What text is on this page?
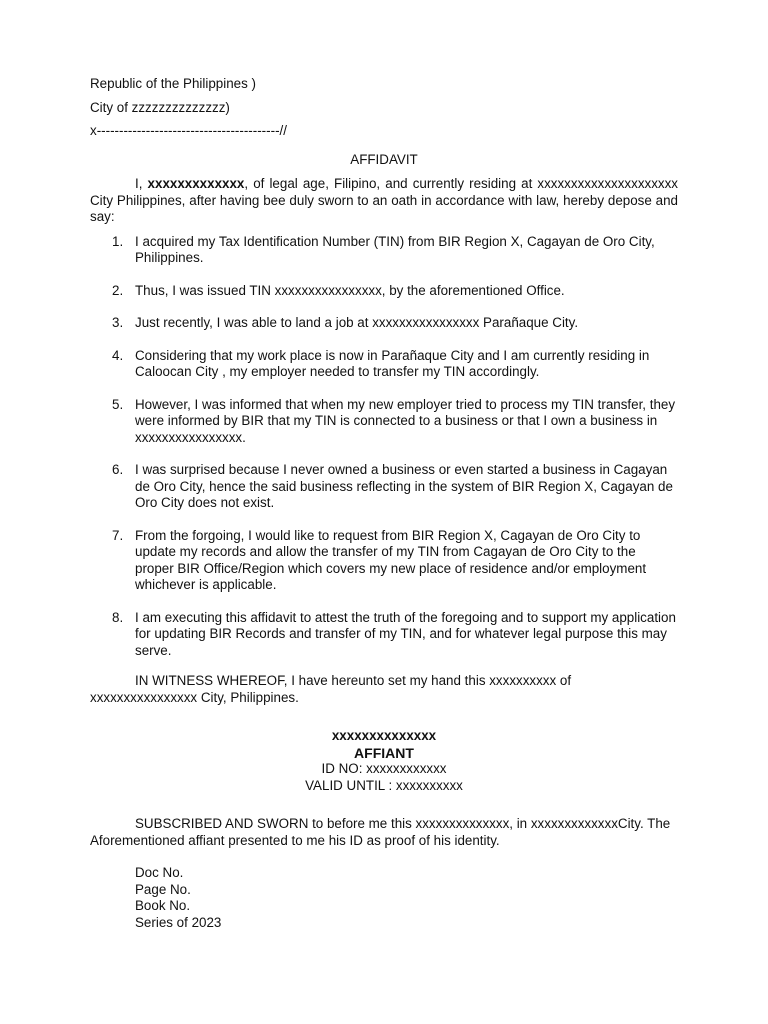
Republic of the Philippines )
City of zzzzzzzzzzzzzz)
x-----------------------------------------//
AFFIDAVIT
I, xxxxxxxxxxxxx, of legal age, Filipino, and currently residing at xxxxxxxxxxxxxxxxxxxxx City Philippines, after having bee duly sworn to an oath in accordance with law, hereby depose and say:
1. I acquired my Tax Identification Number (TIN) from BIR Region X, Cagayan de Oro City, Philippines.
2. Thus, I was issued TIN xxxxxxxxxxxxxxxx, by the aforementioned Office.
3. Just recently, I was able to land a job at xxxxxxxxxxxxxxxx Parañaque City.
4. Considering that my work place is now in Parañaque City and I am currently residing in Caloocan City , my employer needed to transfer my TIN accordingly.
5. However, I was informed that when my new employer tried to process my TIN transfer, they were informed by BIR that my TIN is connected to a business or that I own a business in xxxxxxxxxxxxxxxx.
6. I was surprised because I never owned a business or even started a business in Cagayan de Oro City, hence the said business reflecting in the system of BIR Region X, Cagayan de Oro City does not exist.
7. From the forgoing, I would like to request from BIR Region X, Cagayan de Oro City to update my records and allow the transfer of my TIN from Cagayan de Oro City to the proper BIR Office/Region which covers my new place of residence and/or employment whichever is applicable.
8. I am executing this affidavit to attest the truth of the foregoing and to support my application for updating BIR Records and transfer of my TIN, and for whatever legal purpose this may serve.
IN WITNESS WHEREOF, I have hereunto set my hand this xxxxxxxxxx of xxxxxxxxxxxxxxxx City, Philippines.
xxxxxxxxxxxxxx
AFFIANT
ID NO: xxxxxxxxxxxx
VALID UNTIL : xxxxxxxxxx
SUBSCRIBED AND SWORN to before me this xxxxxxxxxxxxxx, in xxxxxxxxxxxxxCity. The Aforementioned affiant presented to me his ID as proof of his identity.
Doc No.
Page No.
Book No.
Series of 2023
